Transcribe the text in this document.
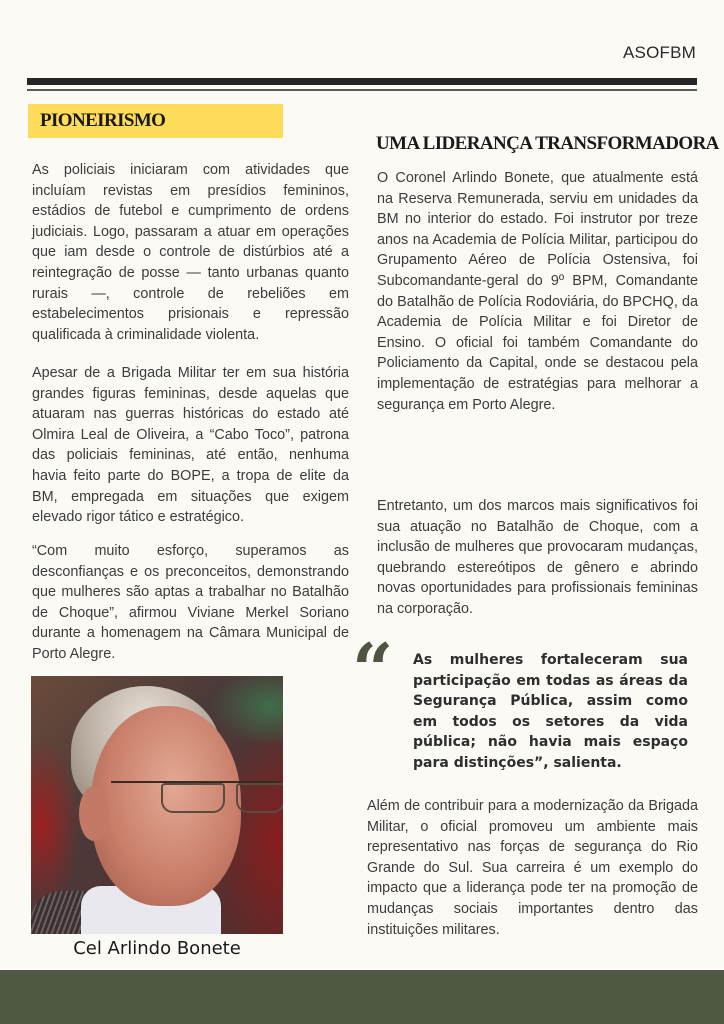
ASOFBM
PIONEIRISMO

As policiais iniciaram com atividades que incluíam revistas em presídios femininos, estádios de futebol e cumprimento de ordens judiciais. Logo, passaram a atuar em operações que iam desde o controle de distúrbios até a reintegração de posse — tanto urbanas quanto rurais —, controle de rebeliões em estabelecimentos prisionais e repressão qualificada à criminalidade violenta.

Apesar de a Brigada Militar ter em sua história grandes figuras femininas, desde aquelas que atuaram nas guerras históricas do estado até Olmira Leal de Oliveira, a “Cabo Toco”, patrona das policiais femininas, até então, nenhuma havia feito parte do BOPE, a tropa de elite da BM, empregada em situações que exigem elevado rigor tático e estratégico.

“Com muito esforço, superamos as desconfianças e os preconceitos, demonstrando que mulheres são aptas a trabalhar no Batalhão de Choque”, afirmou Viviane Merkel Soriano durante a homenagem na Câmara Municipal de Porto Alegre.

Cel Arlindo Bonete
UMA LIDERANÇA TRANSFORMADORA

O Coronel Arlindo Bonete, que atualmente está na Reserva Remunerada, serviu em unidades da BM no interior do estado. Foi instrutor por treze anos na Academia de Polícia Militar, participou do Grupamento Aéreo de Polícia Ostensiva, foi Subcomandante-geral do 9º BPM, Comandante do Batalhão de Polícia Rodoviária, do BPCHQ, da Academia de Polícia Militar e foi Diretor de Ensino. O oficial foi também Comandante do Policiamento da Capital, onde se destacou pela implementação de estratégias para melhorar a segurança em Porto Alegre.

Entretanto, um dos marcos mais significativos foi sua atuação no Batalhão de Choque, com a inclusão de mulheres que provocaram mudanças, quebrando estereótipos de gênero e abrindo novas oportunidades para profissionais femininas na corporação.

“ As mulheres fortaleceram sua participação em todas as áreas da Segurança Pública, assim como em todos os setores da vida pública; não havia mais espaço para distinções”, salienta.

Além de contribuir para a modernização da Brigada Militar, o oficial promoveu um ambiente mais representativo nas forças de segurança do Rio Grande do Sul. Sua carreira é um exemplo do impacto que a liderança pode ter na promoção de mudanças sociais importantes dentro das instituições militares.
